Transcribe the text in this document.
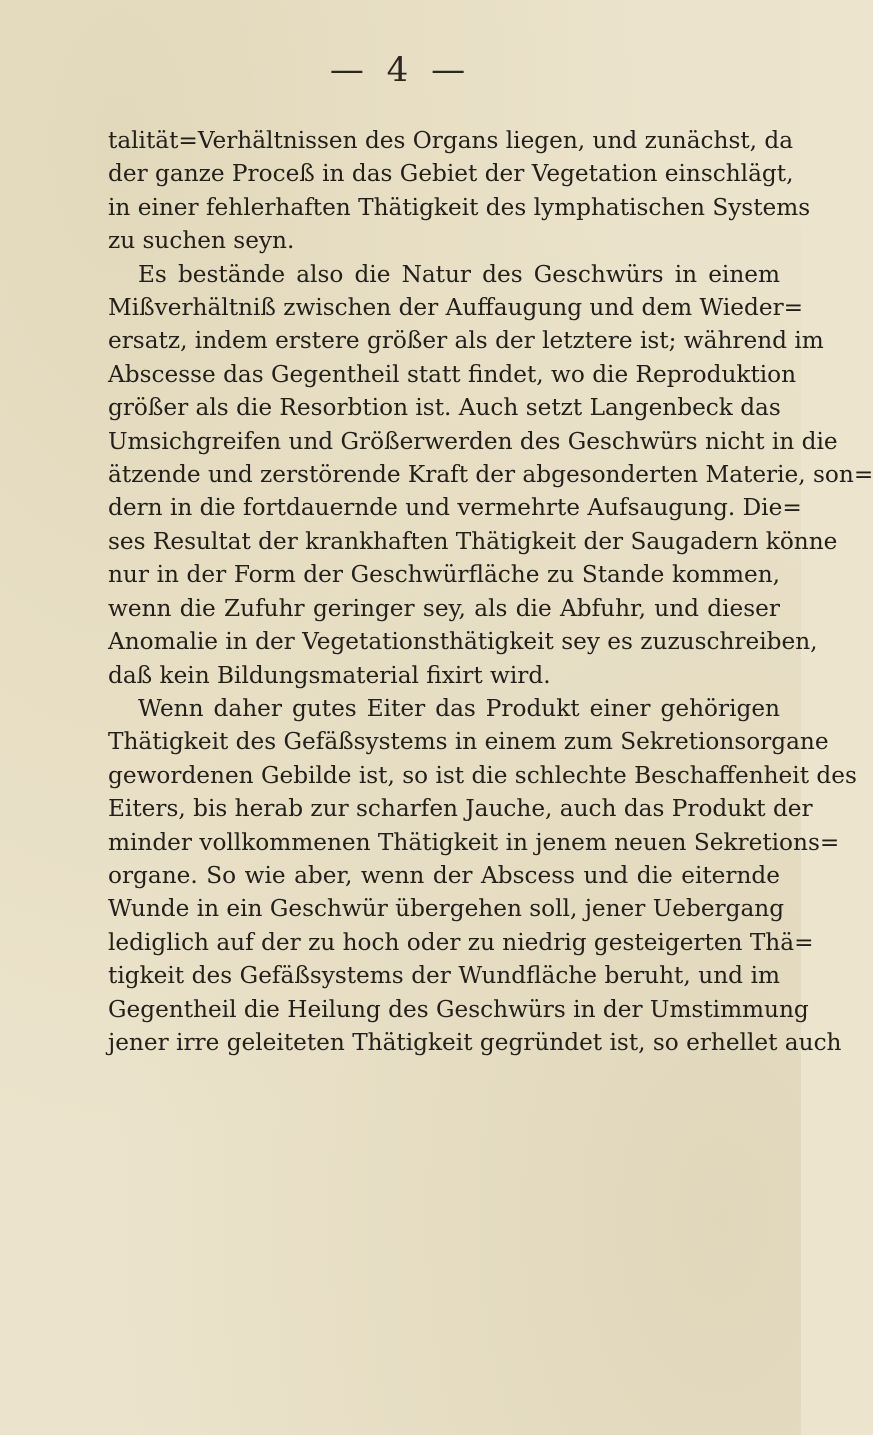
— 4 —
talität=Verhältnissen des Organs liegen, und zunächst, da
der ganze Proceß in das Gebiet der Vegetation einschlägt,
in einer fehlerhaften Thätigkeit des lymphatischen Systems
zu suchen seyn.
Es bestände also die Natur des Geschwürs in einem
Mißverhältniß zwischen der Auffaugung und dem Wieder=
ersatz, indem erstere größer als der letztere ist; während im
Abscesse das Gegentheil statt findet, wo die Reproduktion
größer als die Resorbtion ist. Auch setzt Langenbeck das
Umsichgreifen und Größerwerden des Geschwürs nicht in die
ätzende und zerstörende Kraft der abgesonderten Materie, son=
dern in die fortdauernde und vermehrte Aufsaugung. Die=
ses Resultat der krankhaften Thätigkeit der Saugadern könne
nur in der Form der Geschwürfläche zu Stande kommen,
wenn die Zufuhr geringer sey, als die Abfuhr, und dieser
Anomalie in der Vegetationsthätigkeit sey es zuzuschreiben,
daß kein Bildungsmaterial fixirt wird.
Wenn daher gutes Eiter das Produkt einer gehörigen
Thätigkeit des Gefäßsystems in einem zum Sekretionsorgane
gewordenen Gebilde ist, so ist die schlechte Beschaffenheit des
Eiters, bis herab zur scharfen Jauche, auch das Produkt der
minder vollkommenen Thätigkeit in jenem neuen Sekretions=
organe. So wie aber, wenn der Abscess und die eiternde
Wunde in ein Geschwür übergehen soll, jener Uebergang
lediglich auf der zu hoch oder zu niedrig gesteigerten Thä=
tigkeit des Gefäßsystems der Wundfläche beruht, und im
Gegentheil die Heilung des Geschwürs in der Umstimmung
jener irre geleiteten Thätigkeit gegründet ist, so erhellet auch
